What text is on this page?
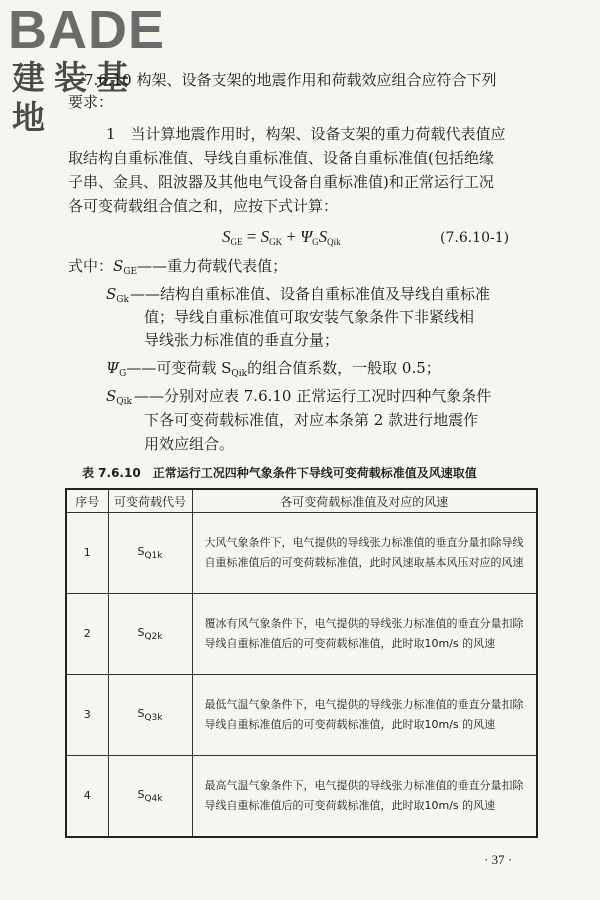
BADE
建装基地
7.6.10 构架、设备支架的地震作用和荷载效应组合应符合下列
要求：
1　当计算地震作用时，构架、设备支架的重力荷载代表值应
取结构自重标准值、导线自重标准值、设备自重标准值(包括绝缘
子串、金具、阻波器及其他电气设备自重标准值)和正常运行工况
各可变荷载组合值之和，应按下式计算：
$S_{GE} = S_{GK} + \Psi_GS_{Qik}$	(7.6.10-1)
式中：$S_{GE}——$重力荷载代表值；
$S_{Gk}$ ——结构自重标准值、设备自重标准值及导线自重标准
值；导线自重标准值可取安装气象条件下非紧线相
导线张力标准值的垂直分量；
$\Psi_G——$可变荷载 $S_{Qik}$的组合值系数，一般取 0.5；
$S_{Qik}$ ——分别对应表 7.6.10 正常运行工况时四种气象条件
下各可变荷载标准值，对应本条第 2 款进行地震作
用效应组合。
表 7.6.10　正常运行工况四种气象条件下导线可变荷载标准值及风速取值
序号	可变荷载代号	各可变荷载标准值及对应的风速
1	$S_{Q1k}$	大风气象条件下，电气提供的导线张力标准值的垂直分量扣除导线自重标准值后的可变荷载标准值，此时风速取基本风压对应的风速
2	$S_{Q2k}$	覆冰有风气象条件下，电气提供的导线张力标准值的垂直分量扣除导线自重标准值后的可变荷载标准值，此时取10m/s 的风速
3	$S_{Q3k}$	最低气温气象条件下，电气提供的导线张力标准值的垂直分量扣除导线自重标准值后的可变荷载标准值，此时取10m/s 的风速
4	$S_{Q4k}$	最高气温气象条件下，电气提供的导线张力标准值的垂直分量扣除导线自重标准值后的可变荷载标准值，此时取10m/s 的风速
· 37 ·
